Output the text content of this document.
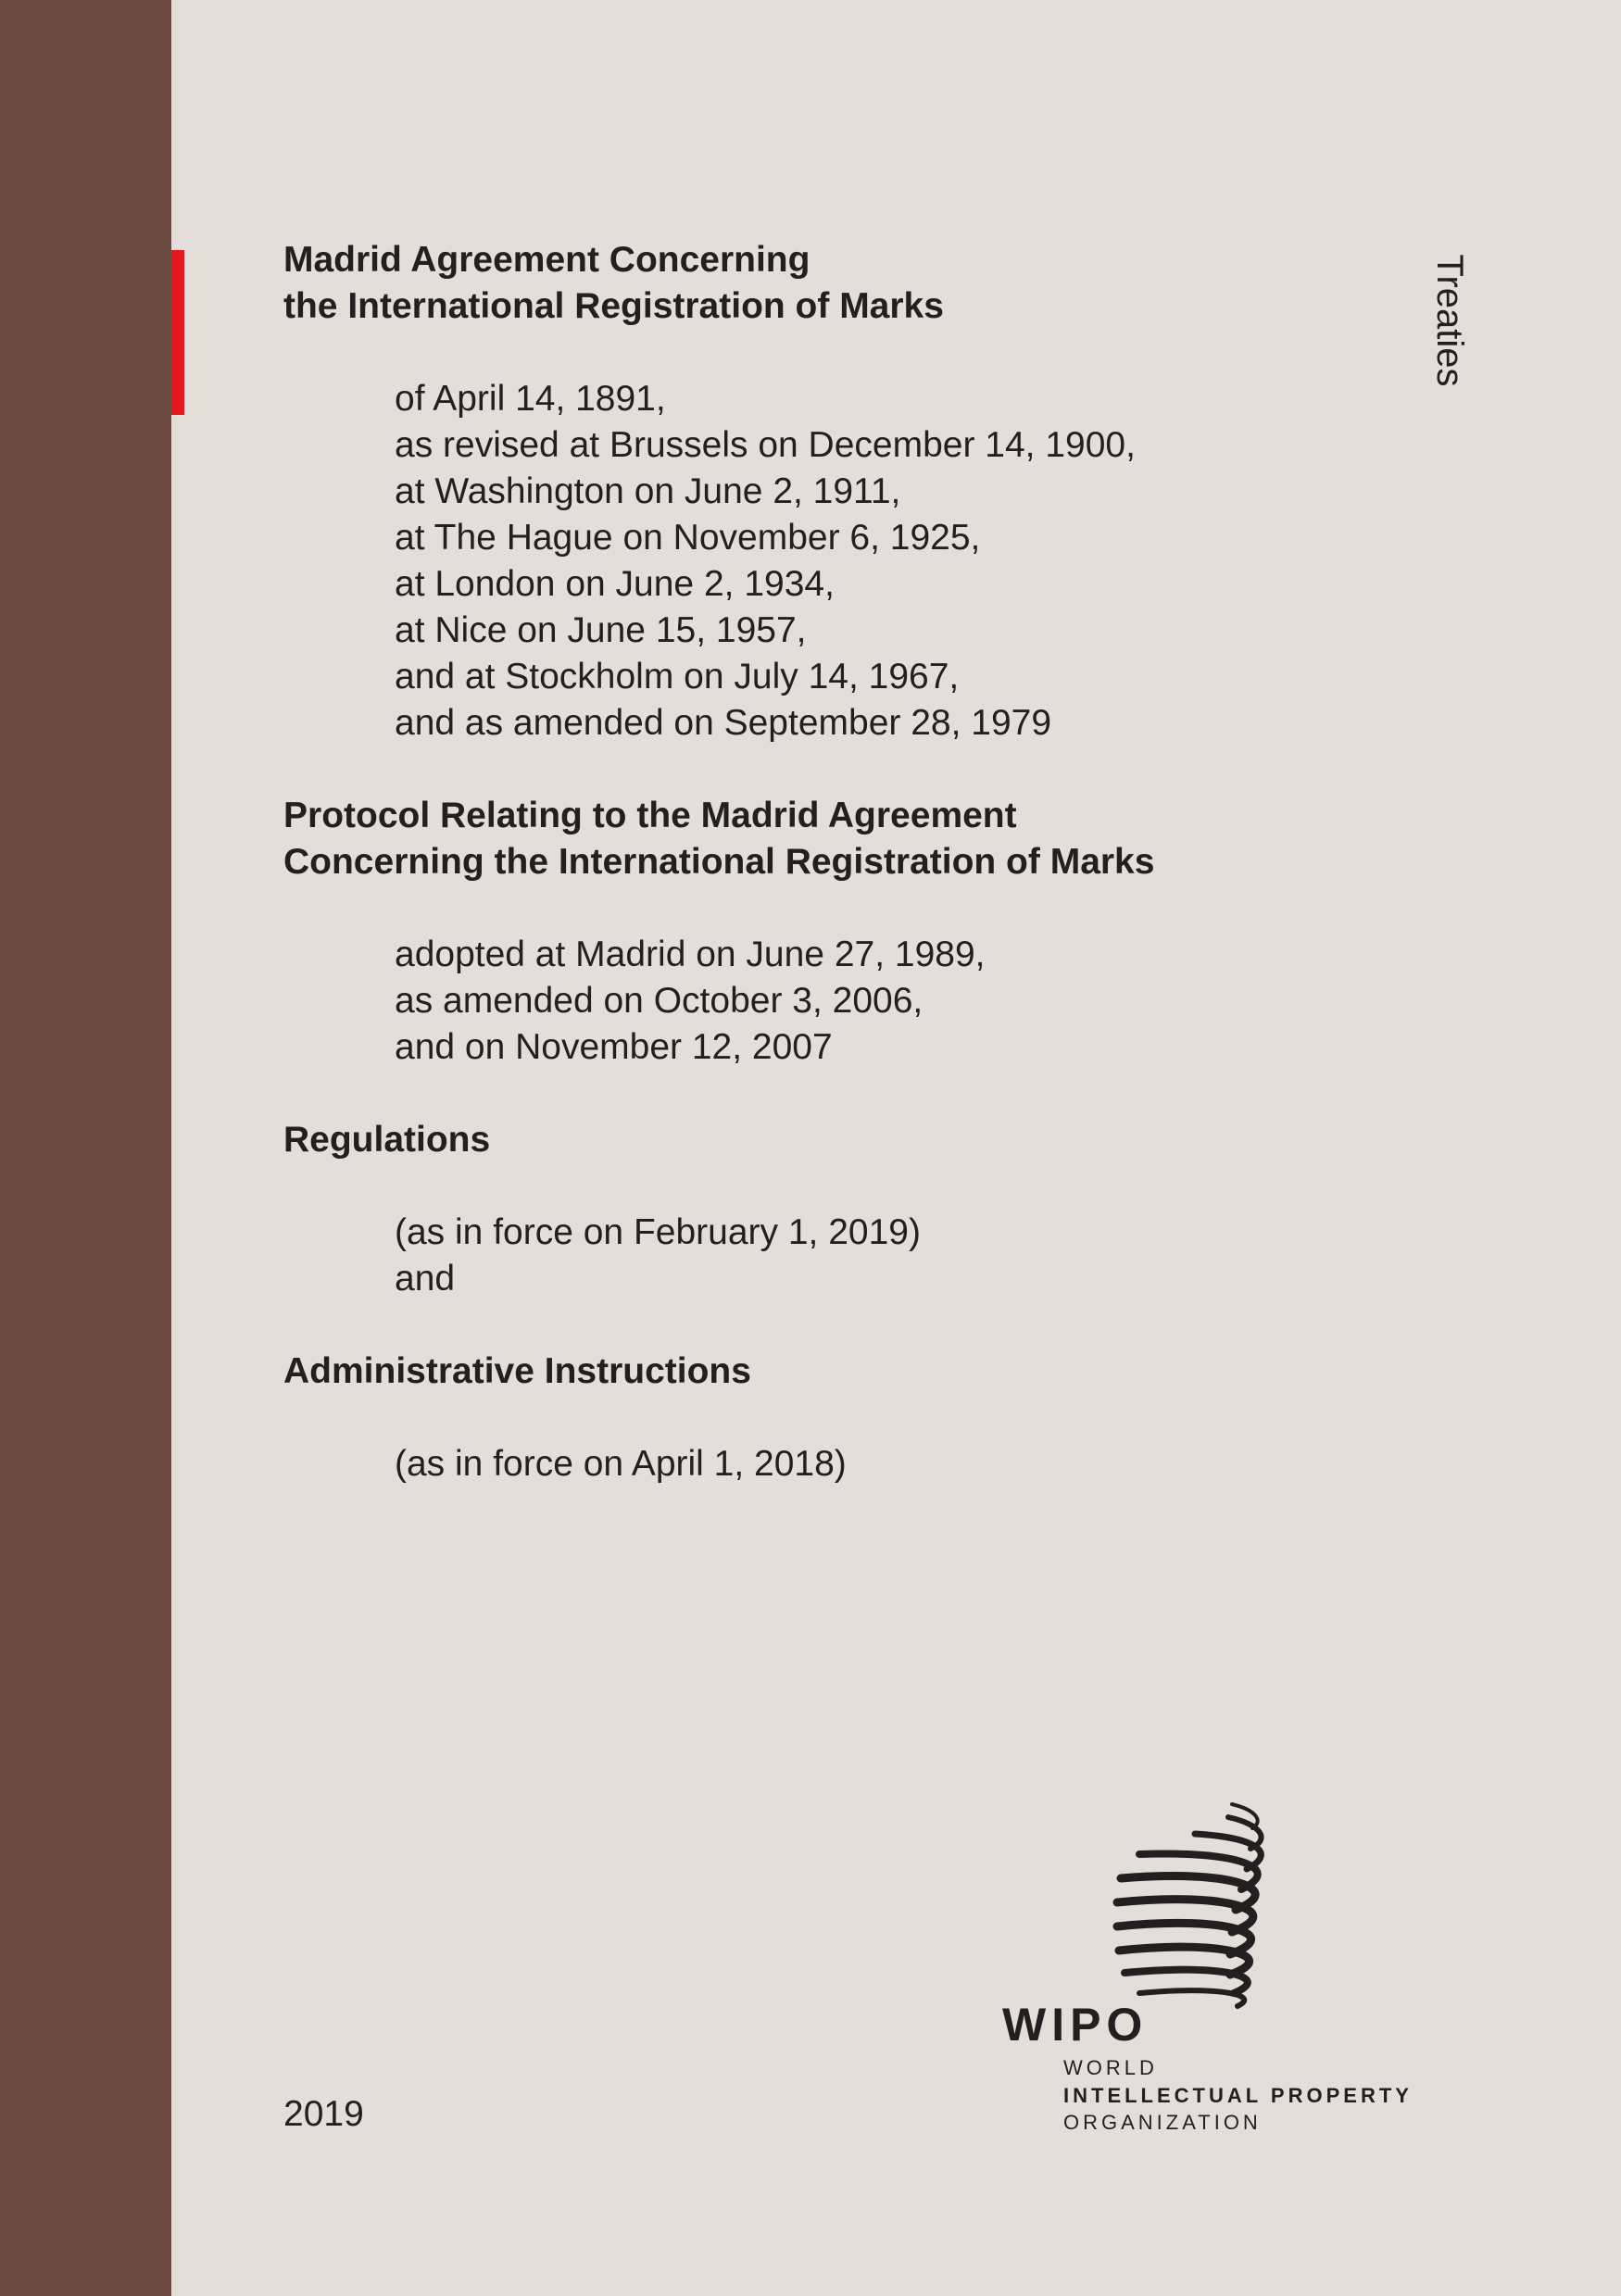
Treaties

Madrid Agreement Concerning
the International Registration of Marks

of April 14, 1891,
as revised at Brussels on December 14, 1900,
at Washington on June 2, 1911,
at The Hague on November 6, 1925,
at London on June 2, 1934,
at Nice on June 15, 1957,
and at Stockholm on July 14, 1967,
and as amended on September 28, 1979

Protocol Relating to the Madrid Agreement
Concerning the International Registration of Marks

adopted at Madrid on June 27, 1989,
as amended on October 3, 2006,
and on November 12, 2007

Regulations

(as in force on February 1, 2019)
and

Administrative Instructions

(as in force on April 1, 2018)
2019
WIPO
WORLD
INTELLECTUAL PROPERTY
ORGANIZATION
